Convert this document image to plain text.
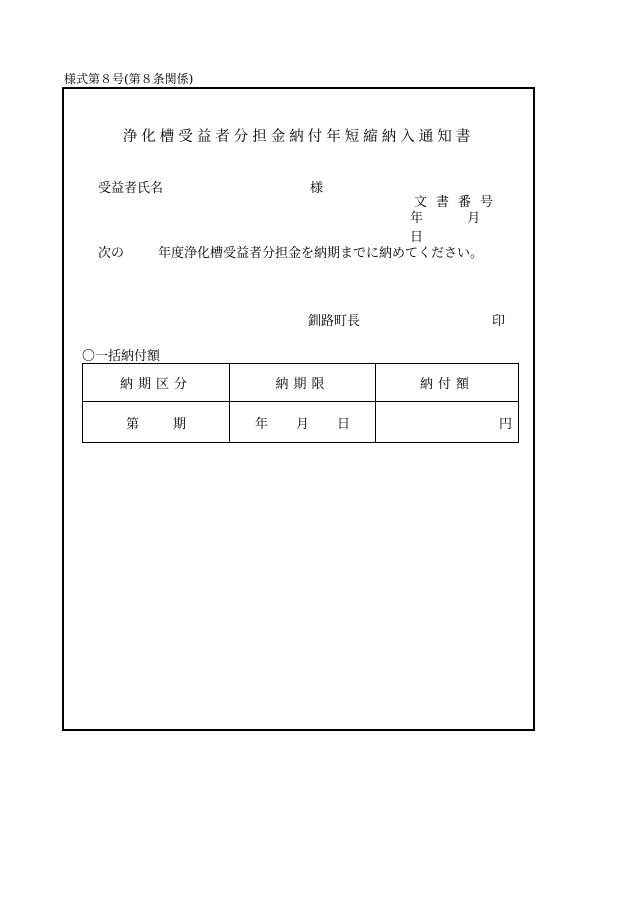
様式第８号(第８条関係)
浄化槽受益者分担金納付年短縮納入通知書
受益者氏名	様
文書番号
年	月  日
次の	年度浄化槽受益者分担金を納期までに納めてください。
釧路町長	印
〇一括納付額
納期区分	納期限	納付額
第 期	年 月 日	円
